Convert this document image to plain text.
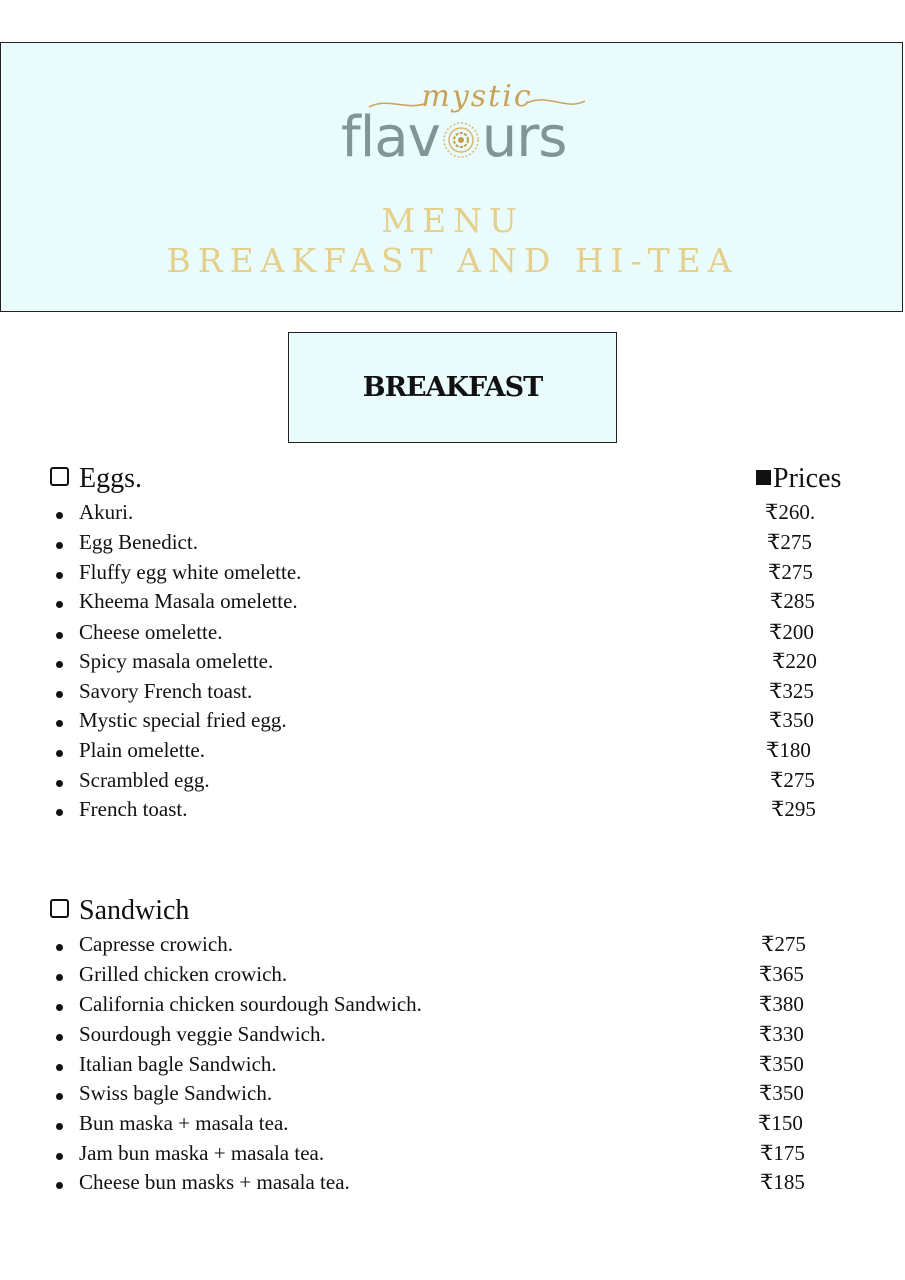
mystic
flav urs
MENU
BREAKFAST AND HI-TEA
BREAKFAST
Eggs.	Prices
Akuri.	₹260.
Egg Benedict.	₹275
Fluffy egg white omelette.	₹275
Kheema Masala omelette.	₹285
Cheese omelette.	₹200
Spicy masala omelette.	₹220
Savory French toast.	₹325
Mystic special fried egg.	₹350
Plain omelette.	₹180
Scrambled egg.	₹275
French toast.	₹295
Sandwich
Capresse crowich.	₹275
Grilled chicken crowich.	₹365
California chicken sourdough Sandwich.	₹380
Sourdough veggie Sandwich.	₹330
Italian bagle Sandwich.	₹350
Swiss bagle Sandwich.	₹350
Bun maska + masala tea.	₹150
Jam bun maska + masala tea.	₹175
Cheese bun masks + masala tea.	₹185
